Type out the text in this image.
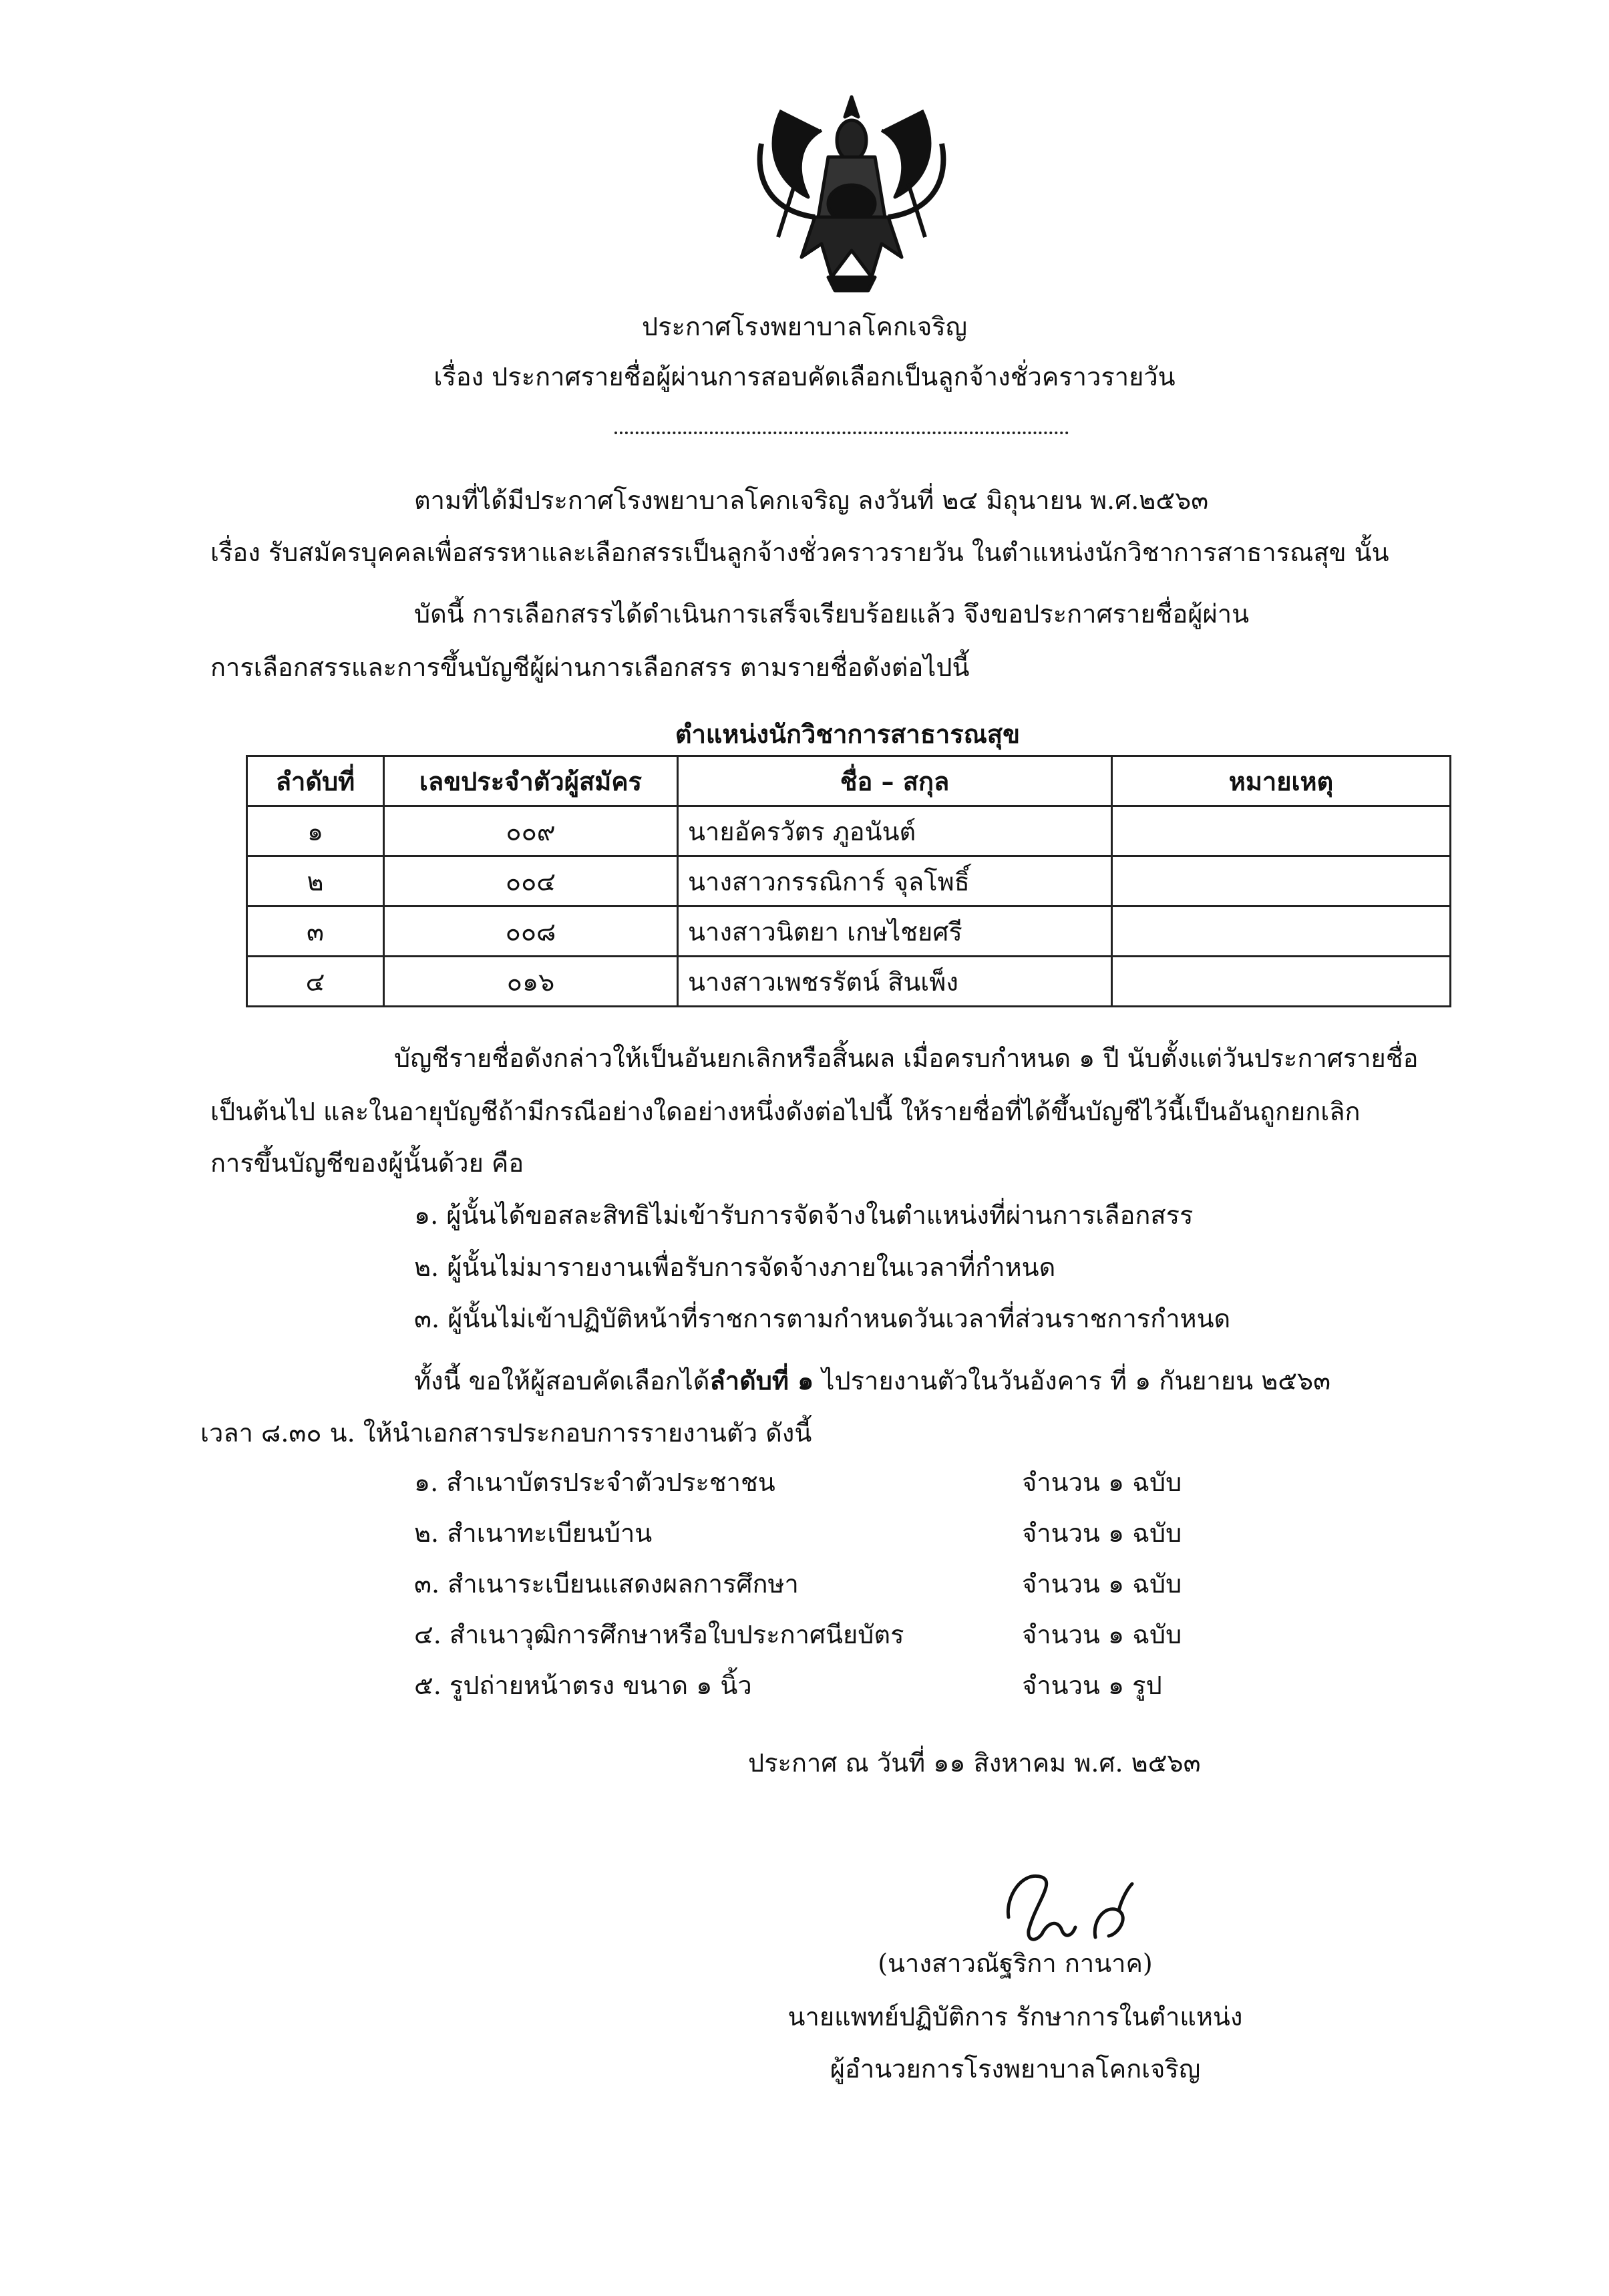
ประกาศโรงพยาบาลโคกเจริญ
เรื่อง ประกาศรายชื่อผู้ผ่านการสอบคัดเลือกเป็นลูกจ้างชั่วคราวรายวัน
ตามที่ได้มีประกาศโรงพยาบาลโคกเจริญ ลงวันที่ ๒๔ มิถุนายน พ.ศ.๒๕๖๓
เรื่อง รับสมัครบุคคลเพื่อสรรหาและเลือกสรรเป็นลูกจ้างชั่วคราวรายวัน ในตำแหน่งนักวิชาการสาธารณสุข นั้น
บัดนี้ การเลือกสรรได้ดำเนินการเสร็จเรียบร้อยแล้ว จึงขอประกาศรายชื่อผู้ผ่าน
การเลือกสรรและการขึ้นบัญชีผู้ผ่านการเลือกสรร ตามรายชื่อดังต่อไปนี้
ตำแหน่งนักวิชาการสาธารณสุข
ลำดับที่	เลขประจำตัวผู้สมัคร	ชื่อ – สกุล	หมายเหตุ
๑	๐๐๙	นายอัครวัตร ภูอนันต์	
๒	๐๐๔	นางสาวกรรณิการ์ จุลโพธิ์	
๓	๐๐๘	นางสาวนิตยา เกษไชยศรี	
๔	๐๑๖	นางสาวเพชรรัตน์ สินเพ็ง	
บัญชีรายชื่อดังกล่าวให้เป็นอันยกเลิกหรือสิ้นผล เมื่อครบกำหนด ๑ ปี นับตั้งแต่วันประกาศรายชื่อ
เป็นต้นไป และในอายุบัญชีถ้ามีกรณีอย่างใดอย่างหนึ่งดังต่อไปนี้ ให้รายชื่อที่ได้ขึ้นบัญชีไว้นี้เป็นอันถูกยกเลิก
การขึ้นบัญชีของผู้นั้นด้วย คือ
๑. ผู้นั้นได้ขอสละสิทธิไม่เข้ารับการจัดจ้างในตำแหน่งที่ผ่านการเลือกสรร
๒. ผู้นั้นไม่มารายงานเพื่อรับการจัดจ้างภายในเวลาที่กำหนด
๓. ผู้นั้นไม่เข้าปฏิบัติหน้าที่ราชการตามกำหนดวันเวลาที่ส่วนราชการกำหนด
ทั้งนี้ ขอให้ผู้สอบคัดเลือกได้ลำดับที่ ๑ ไปรายงานตัวในวันอังคาร ที่ ๑ กันยายน ๒๕๖๓
เวลา ๘.๓๐ น. ให้นำเอกสารประกอบการรายงานตัว ดังนี้
๑. สำเนาบัตรประจำตัวประชาชน	จำนวน ๑ ฉบับ
๒. สำเนาทะเบียนบ้าน	จำนวน ๑ ฉบับ
๓. สำเนาระเบียนแสดงผลการศึกษา	จำนวน ๑ ฉบับ
๔. สำเนาวุฒิการศึกษาหรือใบประกาศนียบัตร	จำนวน ๑ ฉบับ
๕. รูปถ่ายหน้าตรง ขนาด ๑ นิ้ว	จำนวน ๑ รูป
ประกาศ ณ วันที่ ๑๑ สิงหาคม พ.ศ. ๒๕๖๓
(นางสาวณัฐริกา กานาค)
นายแพทย์ปฏิบัติการ รักษาการในตำแหน่ง
ผู้อำนวยการโรงพยาบาลโคกเจริญ
